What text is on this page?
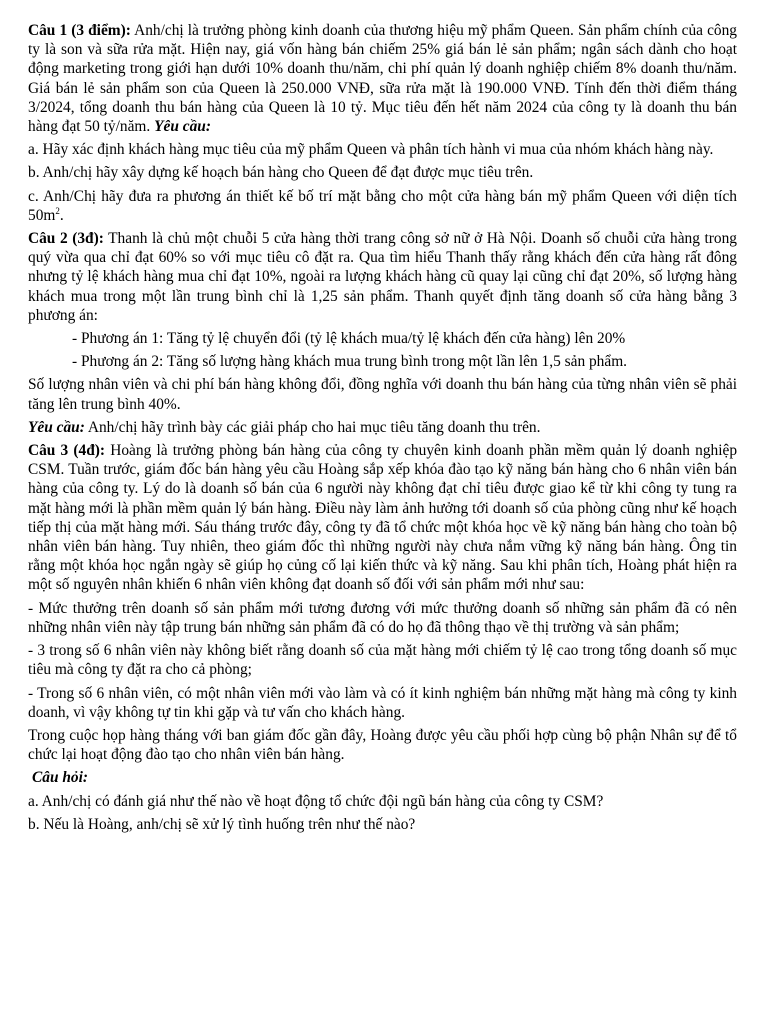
Câu 1 (3 điểm): Anh/chị là trưởng phòng kinh doanh của thương hiệu mỹ phẩm Queen. Sản phẩm chính của công ty là son và sữa rửa mặt. Hiện nay, giá vốn hàng bán chiếm 25% giá bán lẻ sản phẩm; ngân sách dành cho hoạt động marketing trong giới hạn dưới 10% doanh thu/năm, chi phí quản lý doanh nghiệp chiếm 8% doanh thu/năm. Giá bán lẻ sản phẩm son của Queen là 250.000 VNĐ, sữa rửa mặt là 190.000 VNĐ. Tính đến thời điểm tháng 3/2024, tổng doanh thu bán hàng của Queen là 10 tỷ. Mục tiêu đến hết năm 2024 của công ty là doanh thu bán hàng đạt 50 tỷ/năm. Yêu cầu:

a. Hãy xác định khách hàng mục tiêu của mỹ phẩm Queen và phân tích hành vi mua của nhóm khách hàng này.

b. Anh/chị hãy xây dựng kế hoạch bán hàng cho Queen để đạt được mục tiêu trên.

c. Anh/Chị hãy đưa ra phương án thiết kế bố trí mặt bằng cho một cửa hàng bán mỹ phẩm Queen với diện tích $50m^2$.

Câu 2 (3đ): Thanh là chủ một chuỗi 5 cửa hàng thời trang công sở nữ ở Hà Nội. Doanh số chuỗi cửa hàng trong quý vừa qua chỉ đạt 60% so với mục tiêu cô đặt ra. Qua tìm hiểu Thanh thấy rằng khách đến cửa hàng rất đông nhưng tỷ lệ khách hàng mua chỉ đạt 10%, ngoài ra lượng khách hàng cũ quay lại cũng chỉ đạt 20%, số lượng hàng khách mua trong một lần trung bình chỉ là 1,25 sản phẩm. Thanh quyết định tăng doanh số cửa hàng bằng 3 phương án:

- Phương án 1: Tăng tỷ lệ chuyển đổi (tỷ lệ khách mua/tỷ lệ khách đến cửa hàng) lên 20%

- Phương án 2: Tăng số lượng hàng khách mua trung bình trong một lần lên 1,5 sản phẩm.

Số lượng nhân viên và chi phí bán hàng không đổi, đồng nghĩa với doanh thu bán hàng của từng nhân viên sẽ phải tăng lên trung bình 40%.

Yêu cầu: Anh/chị hãy trình bày các giải pháp cho hai mục tiêu tăng doanh thu trên.

Câu 3 (4đ): Hoàng là trưởng phòng bán hàng của công ty chuyên kinh doanh phần mềm quản lý doanh nghiệp CSM. Tuần trước, giám đốc bán hàng yêu cầu Hoàng sắp xếp khóa đào tạo kỹ năng bán hàng cho 6 nhân viên bán hàng của công ty. Lý do là doanh số bán của 6 người này không đạt chỉ tiêu được giao kể từ khi công ty tung ra mặt hàng mới là phần mềm quản lý bán hàng. Điều này làm ảnh hưởng tới doanh số của phòng cũng như kế hoạch tiếp thị của mặt hàng mới. Sáu tháng trước đây, công ty đã tổ chức một khóa học về kỹ năng bán hàng cho toàn bộ nhân viên bán hàng. Tuy nhiên, theo giám đốc thì những người này chưa nắm vững kỹ năng bán hàng. Ông tin rằng một khóa học ngắn ngày sẽ giúp họ củng cố lại kiến thức và kỹ năng. Sau khi phân tích, Hoàng phát hiện ra một số nguyên nhân khiến 6 nhân viên không đạt doanh số đối với sản phẩm mới như sau:

- Mức thưởng trên doanh số sản phẩm mới tương đương với mức thưởng doanh số những sản phẩm đã có nên những nhân viên này tập trung bán những sản phẩm đã có do họ đã thông thạo về thị trường và sản phẩm;

- 3 trong số 6 nhân viên này không biết rằng doanh số của mặt hàng mới chiếm tỷ lệ cao trong tổng doanh số mục tiêu mà công ty đặt ra cho cả phòng;

- Trong số 6 nhân viên, có một nhân viên mới vào làm và có ít kinh nghiệm bán những mặt hàng mà công ty kinh doanh, vì vậy không tự tin khi gặp và tư vấn cho khách hàng.

Trong cuộc họp hàng tháng với ban giám đốc gần đây, Hoàng được yêu cầu phối hợp cùng bộ phận Nhân sự để tổ chức lại hoạt động đào tạo cho nhân viên bán hàng.

Câu hỏi:

a. Anh/chị có đánh giá như thế nào về hoạt động tổ chức đội ngũ bán hàng của công ty CSM?

b. Nếu là Hoàng, anh/chị sẽ xử lý tình huống trên như thế nào?
